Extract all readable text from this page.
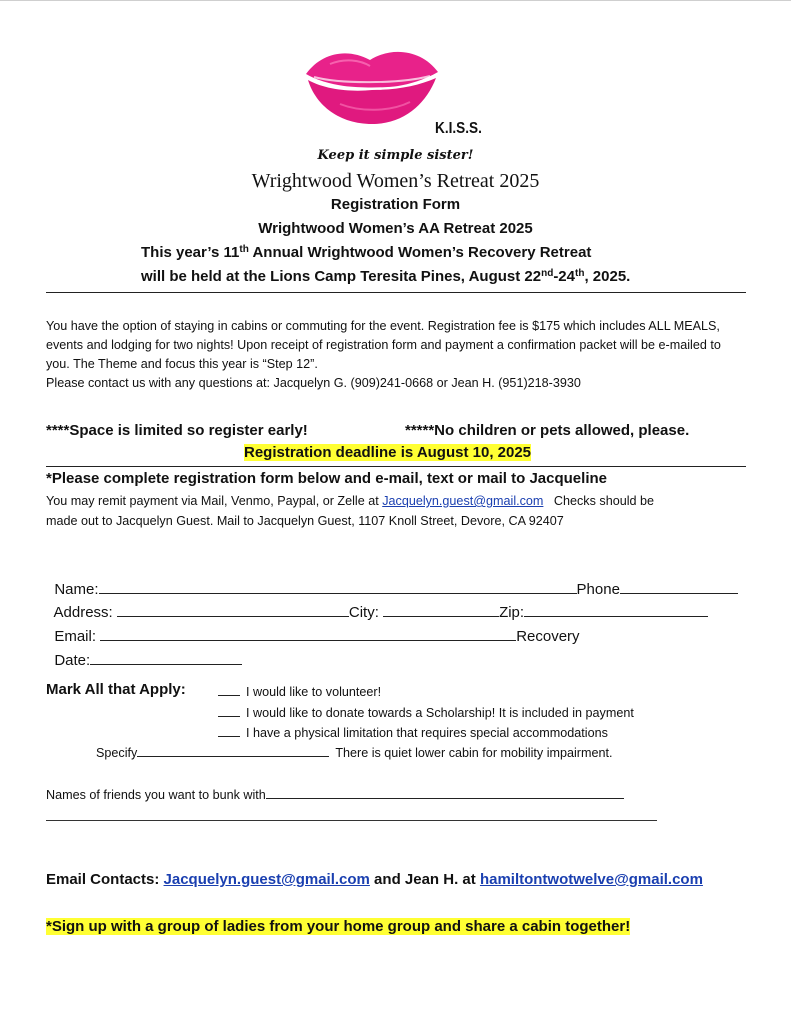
K.I.S.S.
Keep it simple sister!
Wrightwood Women’s Retreat 2025
Registration Form
Wrightwood Women’s AA Retreat 2025
This year’s 11th Annual Wrightwood Women’s Recovery Retreat
will be held at the Lions Camp Teresita Pines, August 22nd-24th, 2025.
You have the option of staying in cabins or commuting for the event. Registration fee is $175 which includes ALL MEALS, events and lodging for two nights! Upon receipt of registration form and payment a confirmation packet will be e-mailed to you. The Theme and focus this year is “Step 12”.
Please contact us with any questions at: Jacquelyn G. (909)241-0668 or Jean H. (951)218-3930
****Space is limited so register early!	*****No children or pets allowed, please.
Registration deadline is August 10, 2025
*Please complete registration form below and e-mail, text or mail to Jacqueline
You may remit payment via Mail, Venmo, Paypal, or Zelle at Jacquelyn.guest@gmail.com   Checks should be
made out to Jacquelyn Guest. Mail to Jacquelyn Guest, 1107 Knoll Street, Devore, CA 92407

Name:	Phone

Address:	City:	Zip:

Email:	Recovery

Date:

Mark All that Apply:	I would like to volunteer!
I would like to donate towards a Scholarship! It is included in payment
I have a physical limitation that requires special accommodations
Specify	There is quiet lower cabin for mobility impairment.
Names of friends you want to bunk with
Email Contacts: Jacquelyn.guest@gmail.com and Jean H. at hamiltontwotwelve@gmail.com
*Sign up with a group of ladies from your home group and share a cabin together!
